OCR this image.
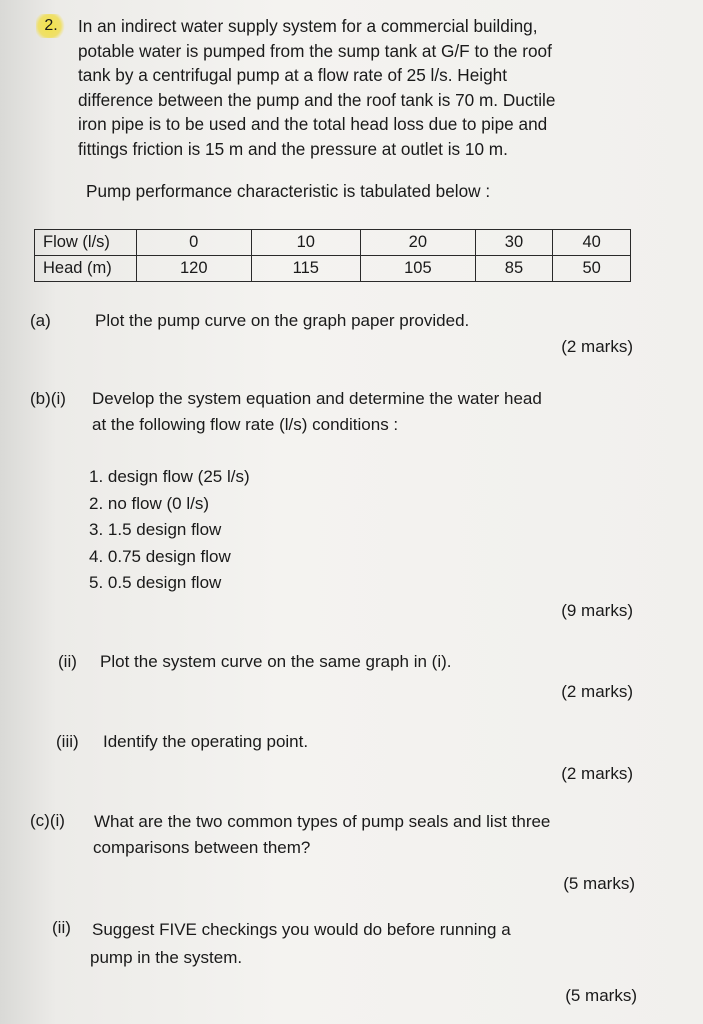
2.	In an indirect water supply system for a commercial building,
potable water is pumped from the sump tank at G/F to the roof
tank by a centrifugal pump at a flow rate of 25 l/s. Height
difference between the pump and the roof tank is 70 m. Ductile
iron pipe is to be used and the total head loss due to pipe and
fittings friction is 15 m and the pressure at outlet is 10 m.
Pump performance characteristic is tabulated below :
Flow (l/s)	0	10	20	30	40
Head (m)	120	115	105	85	50
(a)	Plot the pump curve on the graph paper provided.
(2 marks)
(b)(i) Develop the system equation and determine the water head
at the following flow rate (l/s) conditions :
1. design flow (25 l/s)
2. no flow (0 l/s)
3. 1.5 design flow
4. 0.75 design flow
5. 0.5 design flow
(9 marks)
(ii) Plot the system curve on the same graph in (i).
(2 marks)
(iii) Identify the operating point.
(2 marks)
(c)(i) What are the two common types of pump seals and list three
comparisons between them?
(5 marks)
(ii) Suggest FIVE checkings you would do before running a
pump in the system.
(5 marks)
